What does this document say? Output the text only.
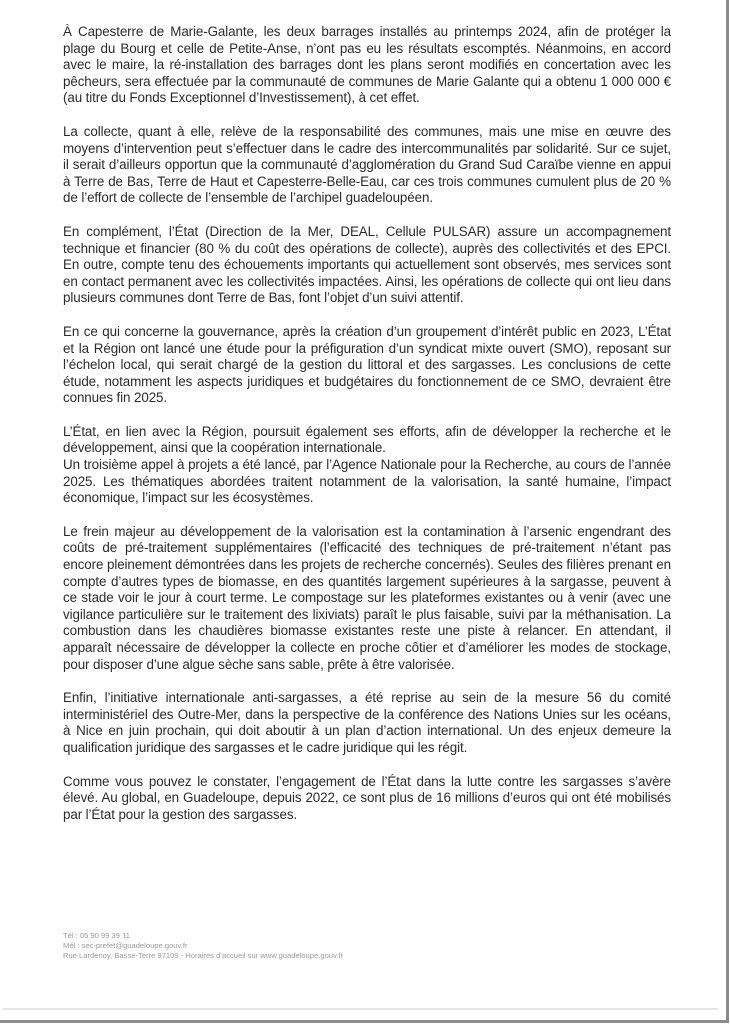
À Capesterre de Marie-Galante, les deux barrages installés au printemps 2024, afin de protéger la plage du Bourg et celle de Petite-Anse, n’ont pas eu les résultats escomptés. Néanmoins, en accord avec le maire, la ré-installation des barrages dont les plans seront modifiés en concertation avec les pêcheurs, sera effectuée par la communauté de communes de Marie Galante qui a obtenu 1 000 000 € (au titre du Fonds Exceptionnel d’Investissement), à cet effet.

La collecte, quant à elle, relève de la responsabilité des communes, mais une mise en œuvre des moyens d’intervention peut s’effectuer dans le cadre des intercommunalités par solidarité. Sur ce sujet, il serait d’ailleurs opportun que la communauté d’agglomération du Grand Sud Caraïbe vienne en appui à Terre de Bas, Terre de Haut et Capesterre-Belle-Eau, car ces trois communes cumulent plus de 20 % de l’effort de collecte de l’ensemble de l’archipel guadeloupéen.

En complément, l’État (Direction de la Mer, DEAL, Cellule PULSAR) assure un accompagnement technique et financier (80 % du coût des opérations de collecte), auprès des collectivités et des EPCI. En outre, compte tenu des échouements importants qui actuellement sont observés, mes services sont en contact permanent avec les collectivités impactées. Ainsi, les opérations de collecte qui ont lieu dans plusieurs communes dont Terre de Bas, font l’objet d’un suivi attentif.

En ce qui concerne la gouvernance, après la création d’un groupement d’intérêt public en 2023, L’État et la Région ont lancé une étude pour la préfiguration d’un syndicat mixte ouvert (SMO), reposant sur l’échelon local, qui serait chargé de la gestion du littoral et des sargasses. Les conclusions de cette étude, notamment les aspects juridiques et budgétaires du fonctionnement de ce SMO, devraient être connues fin 2025.

L’État, en lien avec la Région, poursuit également ses efforts, afin de développer la recherche et le développement, ainsi que la coopération internationale.

Un troisième appel à projets a été lancé, par l’Agence Nationale pour la Recherche, au cours de l’année 2025. Les thématiques abordées traitent notamment de la valorisation, la santé humaine, l’impact économique, l’impact sur les écosystèmes.

Le frein majeur au développement de la valorisation est la contamination à l’arsenic engendrant des coûts de pré-traitement supplémentaires (l’efficacité des techniques de pré-traitement n’étant pas encore pleinement démontrées dans les projets de recherche concernés). Seules des filières prenant en compte d’autres types de biomasse, en des quantités largement supérieures à la sargasse, peuvent à ce stade voir le jour à court terme. Le compostage sur les plateformes existantes ou à venir (avec une vigilance particulière sur le traitement des lixiviats) paraît le plus faisable, suivi par la méthanisation. La combustion dans les chaudières biomasse existantes reste une piste à relancer. En attendant, il apparaît nécessaire de développer la collecte en proche côtier et d’améliorer les modes de stockage, pour disposer d’une algue sèche sans sable, prête à être valorisée.

Enfin, l’initiative internationale anti-sargasses, a été reprise au sein de la mesure 56 du comité interministériel des Outre-Mer, dans la perspective de la conférence des Nations Unies sur les océans, à Nice en juin prochain, qui doit aboutir à un plan d’action international. Un des enjeux demeure la qualification juridique des sargasses et le cadre juridique qui les régit.

Comme vous pouvez le constater, l’engagement de l’État dans la lutte contre les sargasses s’avère élevé. Au global, en Guadeloupe, depuis 2022, ce sont plus de 16 millions d’euros qui ont été mobilisés par l’État pour la gestion des sargasses.

Tél : 05 90 99 39 11
Mél : sec-prefet@guadeloupe.gouv.fr
Rue Lardenoy, Basse-Terre 97109 - Horaires d’accueil sur www.guadeloupe.gouv.fr
